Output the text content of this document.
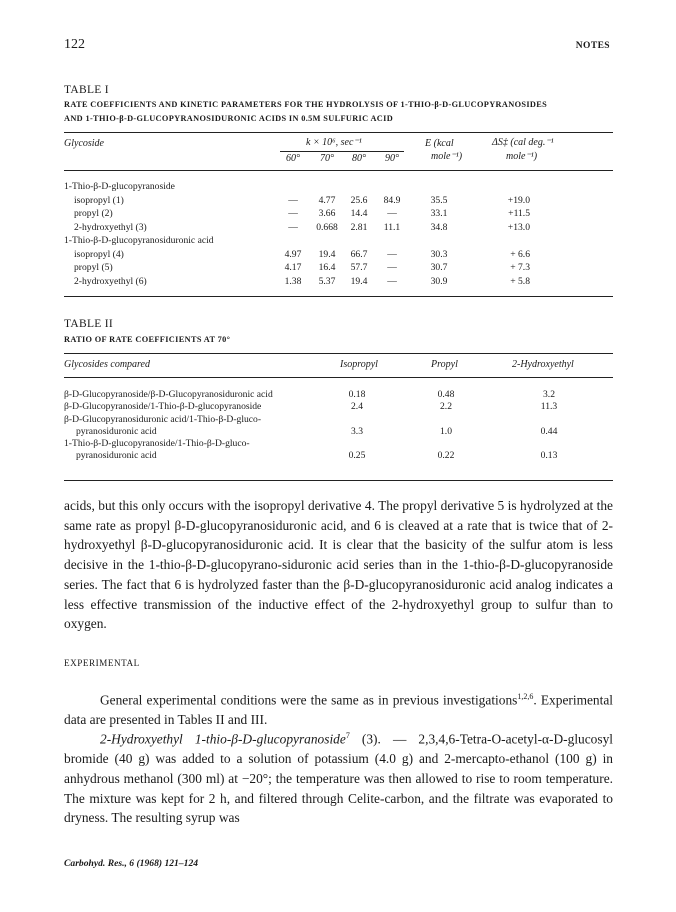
122	NOTES
TABLE I
RATE COEFFICIENTS AND KINETIC PARAMETERS FOR THE HYDROLYSIS OF 1-THIO-β-D-GLUCOPYRANOSIDES
AND 1-THIO-β-D-GLUCOPYRANOSIDURONIC ACIDS IN 0.5M SULFURIC ACID
Glycoside	k × 10⁶, sec⁻¹	E (kcal
mole⁻¹)
ΔS‡ (cal deg.⁻¹
mole⁻¹)
60°	70°	80°	90°
1-Thio-β-D-glucopyranoside
isopropyl (1)	—	4.77	25.6	84.9	35.5	+19.0
propyl (2)	—	3.66	14.4	—	33.1	+11.5
2-hydroxyethyl (3)	—	0.668	2.81	11.1	34.8	+13.0
1-Thio-β-D-glucopyranosiduronic acid
isopropyl (4)	4.97	19.4	66.7	—	30.3	+ 6.6
propyl (5)	4.17	16.4	57.7	—	30.7	+ 7.3
2-hydroxyethyl (6)	1.38	5.37	19.4	—	30.9	+ 5.8
TABLE II
RATIO OF RATE COEFFICIENTS AT 70°
Glycosides compared	Isopropyl	Propyl	2-Hydroxyethyl
β-D-Glucopyranoside/β-D-Glucopyranosiduronic acid	0.18	0.48	3.2
β-D-Glucopyranoside/1-Thio-β-D-glucopyranoside	2.4	2.2	11.3
β-D-Glucopyranosiduronic acid/1-Thio-β-D-gluco-
pyranosiduronic acid	3.3	1.0	0.44
1-Thio-β-D-glucopyranoside/1-Thio-β-D-gluco-
pyranosiduronic acid	0.25	0.22	0.13
acids, but this only occurs with the isopropyl derivative 4. The propyl derivative 5 is hydrolyzed at the same rate as propyl β-D-glucopyranosiduronic acid, and 6 is cleaved at a rate that is twice that of 2-hydroxyethyl β-D-glucopyranosiduronic acid. It is clear that the basicity of the sulfur atom is less decisive in the 1-thio-β-D-glucopyrano-siduronic acid series than in the 1-thio-β-D-glucopyranoside series. The fact that 6 is hydrolyzed faster than the β-D-glucopyranosiduronic acid analog indicates a less effective transmission of the inductive effect of the 2-hydroxyethyl group to sulfur than to oxygen.
EXPERIMENTAL
General experimental conditions were the same as in previous investigations$^{1,2,6}$. Experimental data are presented in Tables II and III.
2-Hydroxyethyl 1-thio-β-D-glucopyranoside$^7$ (3). — 2,3,4,6-Tetra-O-acetyl-α-D-glucosyl bromide (40 g) was added to a solution of potassium (4.0 g) and 2-mercapto-ethanol (100 g) in anhydrous methanol (300 ml) at −20°; the temperature was then allowed to rise to room temperature. The mixture was kept for 2 h, and filtered through Celite-carbon, and the filtrate was evaporated to dryness. The resulting syrup was
Carbohyd. Res., 6 (1968) 121–124
